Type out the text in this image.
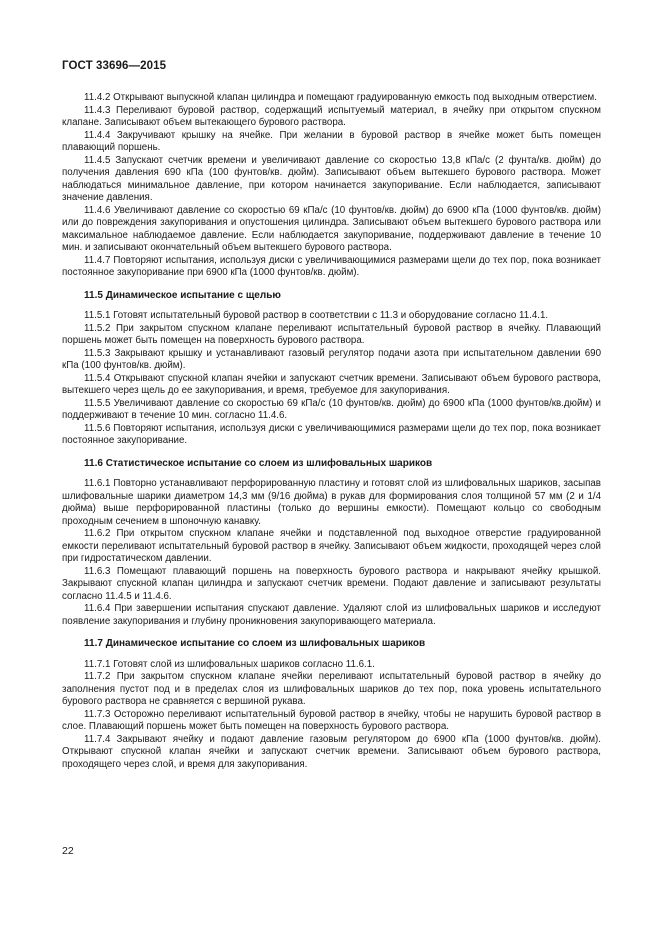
ГОСТ 33696—2015

11.4.2 Открывают выпускной клапан цилиндра и помещают градуированную емкость под выходным отверстием.

11.4.3 Переливают буровой раствор, содержащий испытуемый материал, в ячейку при открытом спускном клапане. Записывают объем вытекающего бурового раствора.

11.4.4 Закручивают крышку на ячейке. При желании в буровой раствор в ячейке может быть помещен плавающий поршень.

11.4.5 Запускают счетчик времени и увеличивают давление со скоростью 13,8 кПа/с (2 фунта/кв. дюйм) до получения давления 690 кПа (100 фунтов/кв. дюйм). Записывают объем вытекшего бурового раствора. Может наблюдаться минимальное давление, при котором начинается закупоривание. Если наблюдается, записывают значение давления.

11.4.6 Увеличивают давление со скоростью 69 кПа/с (10 фунтов/кв. дюйм) до 6900 кПа (1000 фунтов/кв. дюйм) или до повреждения закупоривания и опустошения цилиндра. Записывают объем вытекшего бурового раствора или максимальное наблюдаемое давление. Если наблюдается закупоривание, поддерживают давление в течение 10 мин. и записывают окончательный объем вытекшего бурового раствора.

11.4.7 Повторяют испытания, используя диски с увеличивающимися размерами щели до тех пор, пока возникает постоянное закупоривание при 6900 кПа (1000 фунтов/кв. дюйм).

11.5 Динамическое испытание с щелью

11.5.1 Готовят испытательный буровой раствор в соответствии с 11.3 и оборудование согласно 11.4.1.

11.5.2 При закрытом спускном клапане переливают испытательный буровой раствор в ячейку. Плавающий поршень может быть помещен на поверхность бурового раствора.

11.5.3 Закрывают крышку и устанавливают газовый регулятор подачи азота при испытательном давлении 690 кПа (100 фунтов/кв. дюйм).

11.5.4 Открывают спускной клапан ячейки и запускают счетчик времени. Записывают объем бурового раствора, вытекшего через щель до ее закупоривания, и время, требуемое для закупоривания.

11.5.5 Увеличивают давление со скоростью 69 кПа/с (10 фунтов/кв. дюйм) до 6900 кПа (1000 фунтов/кв.дюйм) и поддерживают в течение 10 мин. согласно 11.4.6.

11.5.6 Повторяют испытания, используя диски с увеличивающимися размерами щели до тех пор, пока возникает постоянное закупоривание.

11.6 Статистическое испытание со слоем из шлифовальных шариков

11.6.1 Повторно устанавливают перфорированную пластину и готовят слой из шлифовальных шариков, засыпав шлифовальные шарики диаметром 14,3 мм (9/16 дюйма) в рукав для формирования слоя толщиной 57 мм (2 и 1/4 дюйма) выше перфорированной пластины (только до вершины емкости). Помещают кольцо со свободным проходным сечением в шпоночную канавку.

11.6.2 При открытом спускном клапане ячейки и подставленной под выходное отверстие градуированной емкости переливают испытательный буровой раствор в ячейку. Записывают объем жидкости, проходящей через слой при гидростатическом давлении.

11.6.3 Помещают плавающий поршень на поверхность бурового раствора и накрывают ячейку крышкой. Закрывают спускной клапан цилиндра и запускают счетчик времени. Подают давление и записывают результаты согласно 11.4.5 и 11.4.6.

11.6.4 При завершении испытания спускают давление. Удаляют слой из шлифовальных шариков и исследуют появление закупоривания и глубину проникновения закупоривающего материала.

11.7 Динамическое испытание со слоем из шлифовальных шариков

11.7.1 Готовят слой из шлифовальных шариков согласно 11.6.1.

11.7.2 При закрытом спускном клапане ячейки переливают испытательный буровой раствор в ячейку до заполнения пустот под и в пределах слоя из шлифовальных шариков до тех пор, пока уровень испытательного бурового раствора не сравняется с вершиной рукава.

11.7.3 Осторожно переливают испытательный буровой раствор в ячейку, чтобы не нарушить буровой раствор в слое. Плавающий поршень может быть помещен на поверхность бурового раствора.

11.7.4 Закрывают ячейку и подают давление газовым регулятором до 6900 кПа (1000 фунтов/кв. дюйм). Открывают спускной клапан ячейки и запускают счетчик времени. Записывают объем бурового раствора, проходящего через слой, и время для закупоривания.

22
